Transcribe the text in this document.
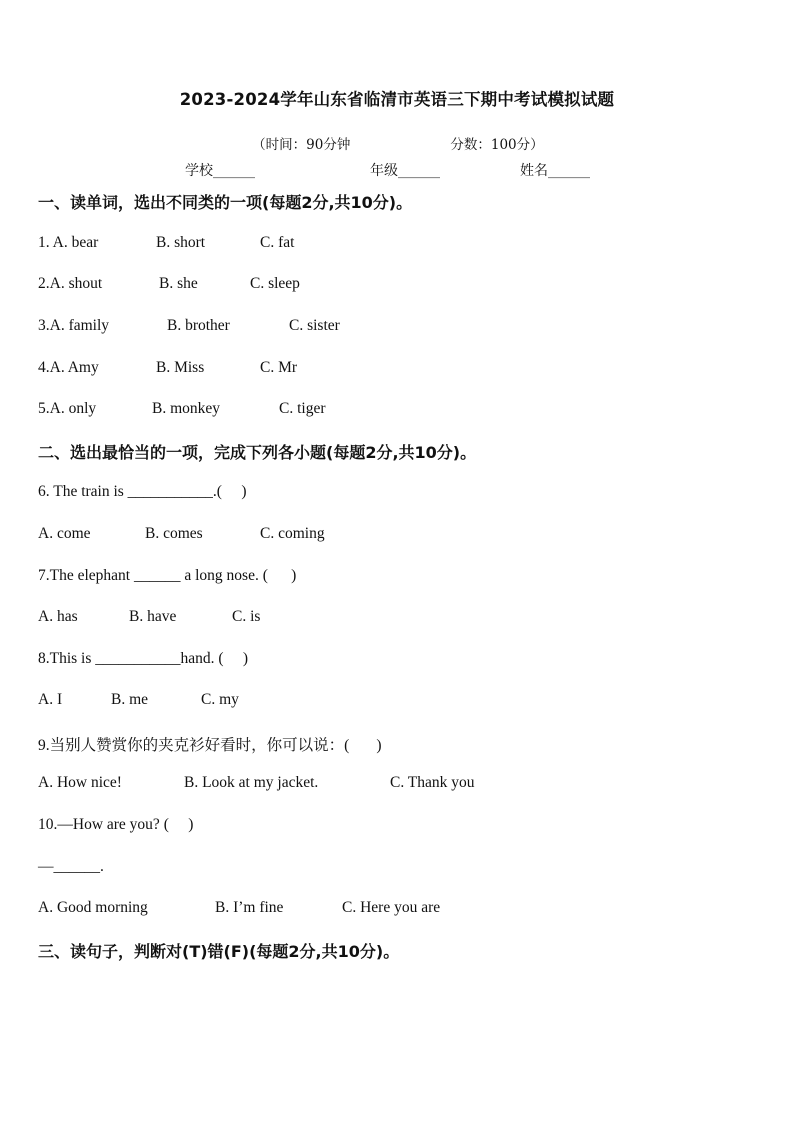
2023-2024学年山东省临清市英语三下期中考试模拟试题

（时间：90分钟	分数：100分）

学校______

	年级______

	姓名______

一、读单词，选出不同类的一项(每题2分,共10分)。

1. A. bear

	B. short

	C. fat

2.A. shout

	B. she

	C. sleep

3.A. family

	B. brother

	C. sister

4.A. Amy

	B. Miss

	C. Mr

5.A. only

	B. monkey

	C. tiger

二、选出最恰当的一项，完成下列各小题(每题2分,共10分)。
6. The train is ___________.(     )

A. come

	B. comes

	C. coming

7.The elephant ______ a long nose. (      )

A. has

	B. have

	C. is

8.This is ___________hand. (     )

A. I

	B. me

	C. my

9.当别人赞赏你的夹克衫好看时，你可以说：(       )

A. How nice!

	B. Look at my jacket.

	C. Thank you

10.—How are you? (     )
—______.

A. Good morning

	B. I’m fine

	C. Here you are

三、读句子，判断对(T)错(F)(每题2分,共10分)。
